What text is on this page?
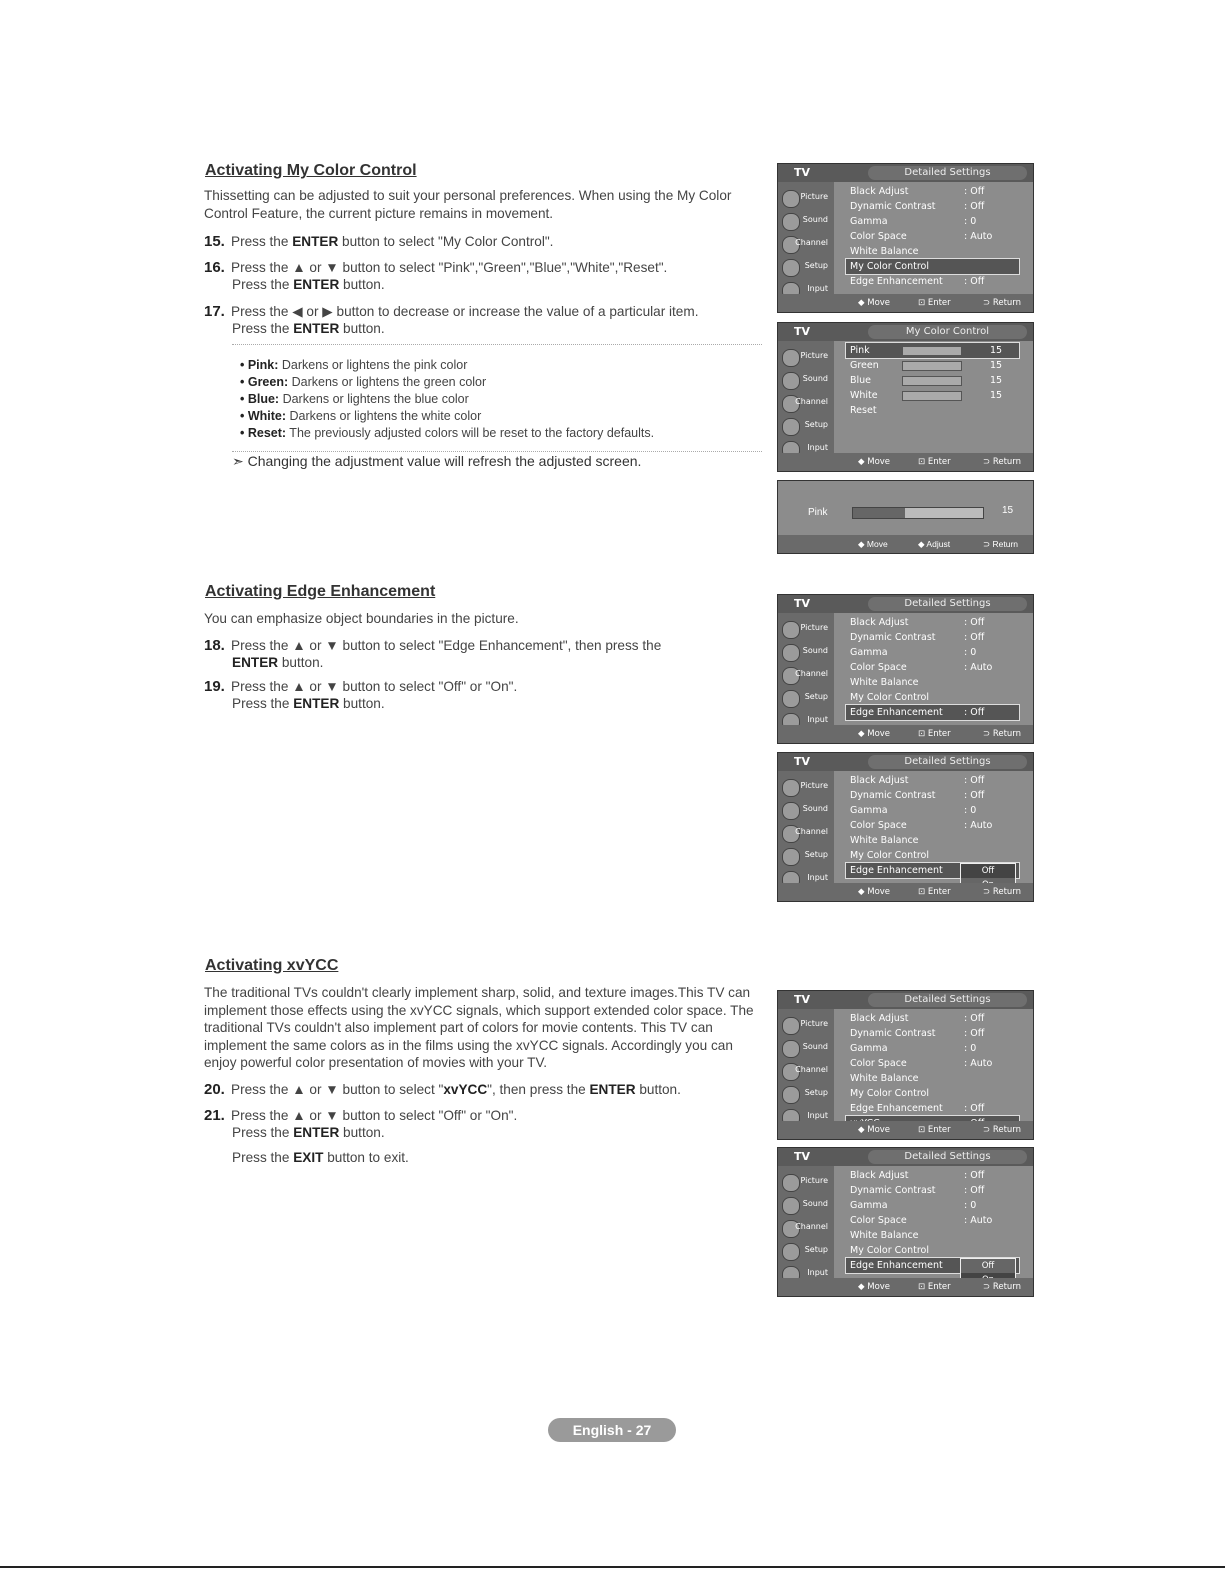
Activating My Color Control
Thissetting can be adjusted to suit your personal preferences. When using the My Color Control Feature, the current picture remains in movement.
15. Press the ENTER button to select "My Color Control".
16. Press the ▲ or ▼ button to select "Pink","Green","Blue","White","Reset".
Press the ENTER button.
17. Press the ◀ or ▶ button to decrease or increase the value of a particular item.
Press the ENTER button.
• Pink: Darkens or lightens the pink color
• Green: Darkens or lightens the green color
• Blue: Darkens or lightens the blue color
• White: Darkens or lightens the white color
• Reset: The previously adjusted colors will be reset to the factory defaults.
➣ Changing the adjustment value will refresh the adjusted screen.
Activating Edge Enhancement
You can emphasize object boundaries in the picture.
18. Press the ▲ or ▼ button to select "Edge Enhancement", then press the
ENTER button.
19. Press the ▲ or ▼ button to select "Off" or "On".
Press the ENTER button.
Activating xvYCC
The traditional TVs couldn't clearly implement sharp, solid, and texture images.This TV can implement those effects using the xvYCC signals, which support extended color space. The traditional TVs couldn't also implement part of colors for movie contents. This TV can implement the same colors as in the films using the xvYCC signals. Accordingly you can enjoy powerful color presentation of movies with your TV.
20. Press the ▲ or ▼ button to select "xvYCC", then press the ENTER button.
21. Press the ▲ or ▼ button to select "Off" or "On".
Press the ENTER button.
Press the EXIT button to exit.
TV	Detailed Settings
Picture
Sound
Channel
Setup
Input
Black Adjust	: Off
Dynamic Contrast	: Off
Gamma	: 0
Color Space	: Auto
White Balance
My Color Control
Edge Enhancement : Off
◆ Move	⊡ Enter	⊃ Return
TV	My Color Control
Picture
Sound
Channel
Setup
Input
Pink	15
Green	15
Blue	15
White	15
Reset
◆ Move	⊡ Enter	⊃ Return
Pink	15
◆ Move	◆ Adjust	⊃ Return
TV	Detailed Settings
Picture
Sound
Channel
Setup
Input
Black Adjust	: Off
Dynamic Contrast	: Off
Gamma	: 0
Color Space	: Auto
White Balance
My Color Control
Edge Enhancement : Off
◆ Move	⊡ Enter	⊃ Return
TV	Detailed Settings
Picture
Sound
Channel
Setup
Input
Black Adjust	: Off
Dynamic Contrast	: Off
Gamma	: 0
Color Space	: Auto
White Balance
My Color Control
Edge Enhancement	Off
◆ Move	⊡ Enter	⊃ Return
TV	Detailed Settings
Picture
Sound
Channel
Setup
Input
Black Adjust	: Off
Dynamic Contrast	: Off
Gamma	: 0
Color Space	: Auto
White Balance
My Color Control
Edge Enhancement : Off
◆ Move	⊡ Enter	⊃ Return
TV	Detailed Settings
Picture
Sound
Channel
Setup
Input
Black Adjust	: Off
Dynamic Contrast	: Off
Gamma	: 0
Color Space	: Auto
White Balance
My Color Control
Edge Enhancement	Off
◆ Move	⊡ Enter	⊃ Return
English - 27
